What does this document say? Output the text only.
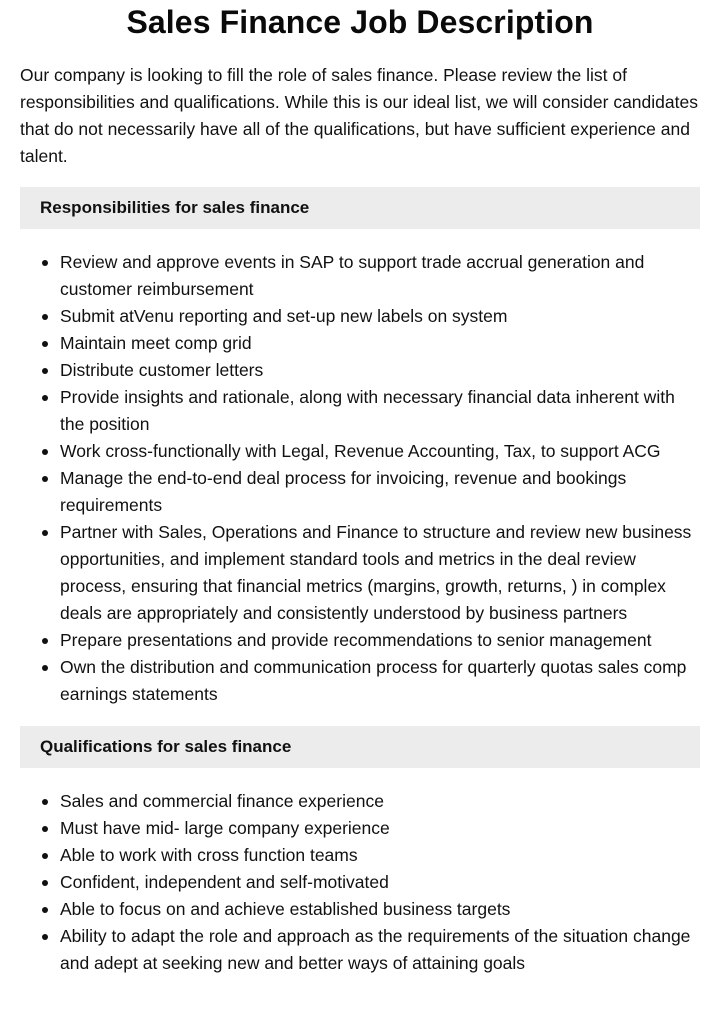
Sales Finance Job Description

Our company is looking to fill the role of sales finance. Please review the list of responsibilities and qualifications. While this is our ideal list, we will consider candidates that do not necessarily have all of the qualifications, but have sufficient experience and talent.

Responsibilities for sales finance
Review and approve events in SAP to support trade accrual generation and customer reimbursement
Submit atVenu reporting and set-up new labels on system
Maintain meet comp grid
Distribute customer letters
Provide insights and rationale, along with necessary financial data inherent with the position
Work cross-functionally with Legal, Revenue Accounting, Tax, to support ACG
Manage the end-to-end deal process for invoicing, revenue and bookings requirements
Partner with Sales, Operations and Finance to structure and review new business opportunities, and implement standard tools and metrics in the deal review process, ensuring that financial metrics (margins, growth, returns, ) in complex deals are appropriately and consistently understood by business partners
Prepare presentations and provide recommendations to senior management
Own the distribution and communication process for quarterly quotas sales comp earnings statements
Qualifications for sales finance
Sales and commercial finance experience
Must have mid- large company experience
Able to work with cross function teams
Confident, independent and self-motivated
Able to focus on and achieve established business targets
Ability to adapt the role and approach as the requirements of the situation change and adept at seeking new and better ways of attaining goals
